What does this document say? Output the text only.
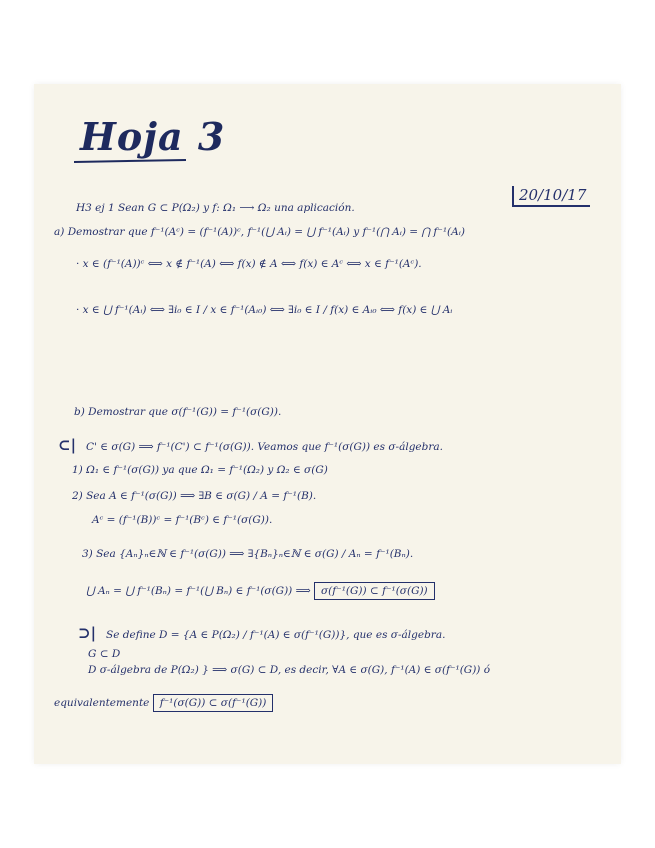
Hoja 3
20/10/17
H3 ej 1 Sean G ⊂ P(Ω₂) y f: Ω₁ ⟶ Ω₂ una aplicación.
a) Demostrar que f⁻¹(Aᶜ) = (f⁻¹(A))ᶜ, f⁻¹(⋃ Aᵢ) = ⋃ f⁻¹(Aᵢ) y f⁻¹(⋂ Aᵢ) = ⋂ f⁻¹(Aᵢ)
· x ∈ (f⁻¹(A))ᶜ ⟺ x ∉ f⁻¹(A) ⟺ f(x) ∉ A ⟺ f(x) ∈ Aᶜ ⟺ x ∈ f⁻¹(Aᶜ).
· x ∈ ⋃ f⁻¹(Aᵢ) ⟺ ∃i₀ ∈ I / x ∈ f⁻¹(Aᵢ₀) ⟺ ∃i₀ ∈ I / f(x) ∈ Aᵢ₀ ⟺ f(x) ∈ ⋃ Aᵢ
b) Demostrar que σ(f⁻¹(G)) = f⁻¹(σ(G)).
⊂| C' ∈ σ(G) ⟹ f⁻¹(C') ⊂ f⁻¹(σ(G)). Veamos que f⁻¹(σ(G)) es σ-álgebra.
1) Ω₁ ∈ f⁻¹(σ(G)) ya que Ω₁ = f⁻¹(Ω₂) y Ω₂ ∈ σ(G)
2) Sea A ∈ f⁻¹(σ(G)) ⟹ ∃B ∈ σ(G) / A = f⁻¹(B).
Aᶜ = (f⁻¹(B))ᶜ = f⁻¹(Bᶜ) ∈ f⁻¹(σ(G)).
3) Sea {Aₙ}ₙ∈ℕ ∈ f⁻¹(σ(G)) ⟹ ∃{Bₙ}ₙ∈ℕ ∈ σ(G) / Aₙ = f⁻¹(Bₙ).
⋃ Aₙ = ⋃ f⁻¹(Bₙ) = f⁻¹(⋃ Bₙ) ∈ f⁻¹(σ(G)) ⟹ σ(f⁻¹(G)) ⊂ f⁻¹(σ(G))
⊃| Se define D = {A ∈ P(Ω₂) / f⁻¹(A) ∈ σ(f⁻¹(G))}, que es σ-álgebra.
G ⊂ D
D σ-álgebra de P(Ω₂) } ⟹ σ(G) ⊂ D, es decir, ∀A ∈ σ(G), f⁻¹(A) ∈ σ(f⁻¹(G)) ó
equivalentemente f⁻¹(σ(G)) ⊂ σ(f⁻¹(G))
